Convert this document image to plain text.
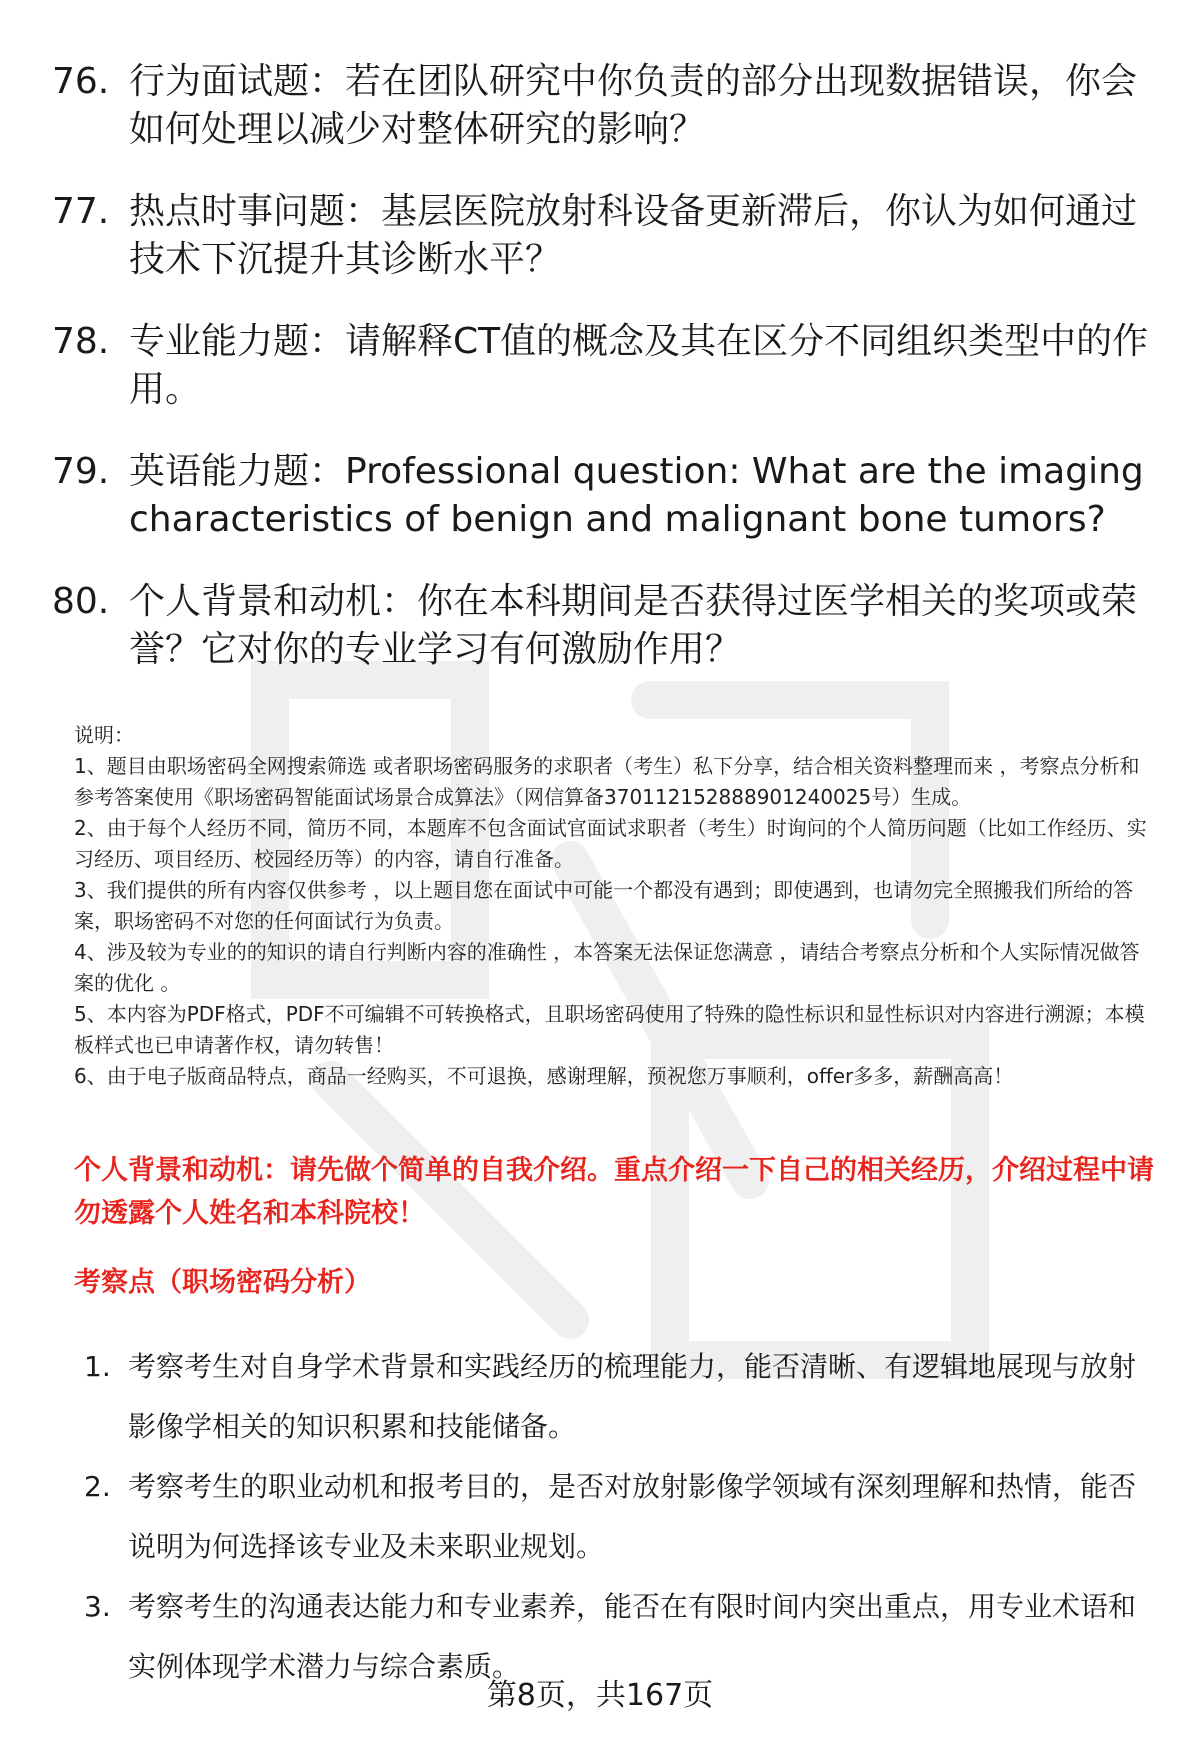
76. 行为面试题：若在团队研究中你负责的部分出现数据错误，你会如何处理以减少对整体研究的影响？
77. 热点时事问题：基层医院放射科设备更新滞后，你认为如何通过技术下沉提升其诊断水平？
78. 专业能力题：请解释CT值的概念及其在区分不同组织类型中的作用。
79. 英语能力题：Professional question: What are the imaging characteristics of benign and malignant bone tumors?
80. 个人背景和动机：你在本科期间是否获得过医学相关的奖项或荣誉？它对你的专业学习有何激励作用？

说明：

1、题目由职场密码全网搜索筛选 或者职场密码服务的求职者（考生）私下分享，结合相关资料整理而来 ，考察点分析和参考答案使用《职场密码智能面试场景合成算法》（网信算备370112152888901240025号）生成。

2、由于每个人经历不同，简历不同，本题库不包含面试官面试求职者（考生）时询问的个人简历问题（比如工作经历、实习经历、项目经历、校园经历等）的内容，请自行准备。

3、我们提供的所有内容仅供参考 ，以上题目您在面试中可能一个都没有遇到；即使遇到，也请勿完全照搬我们所给的答案，职场密码不对您的任何面试行为负责。

4、涉及较为专业的的知识的请自行判断内容的准确性 ，本答案无法保证您满意 ，请结合考察点分析和个人实际情况做答案的优化 。

5、本内容为PDF格式，PDF不可编辑不可转换格式，且职场密码使用了特殊的隐性标识和显性标识对内容进行溯源；本模板样式也已申请著作权，请勿转售！

6、由于电子版商品特点，商品一经购买，不可退换，感谢理解，预祝您万事顺利，offer多多，薪酬高高！

个人背景和动机：请先做个简单的自我介绍。重点介绍一下自己的相关经历，介绍过程中请勿透露个人姓名和本科院校！
考察点（职场密码分析）
1. 考察考生对自身学术背景和实践经历的梳理能力，能否清晰、有逻辑地展现与放射影像学相关的知识积累和技能储备。
2. 考察考生的职业动机和报考目的，是否对放射影像学领域有深刻理解和热情，能否说明为何选择该专业及未来职业规划。
3. 考察考生的沟通表达能力和专业素养，能否在有限时间内突出重点，用专业术语和实例体现学术潜力与综合素质。
第8页，共167页
